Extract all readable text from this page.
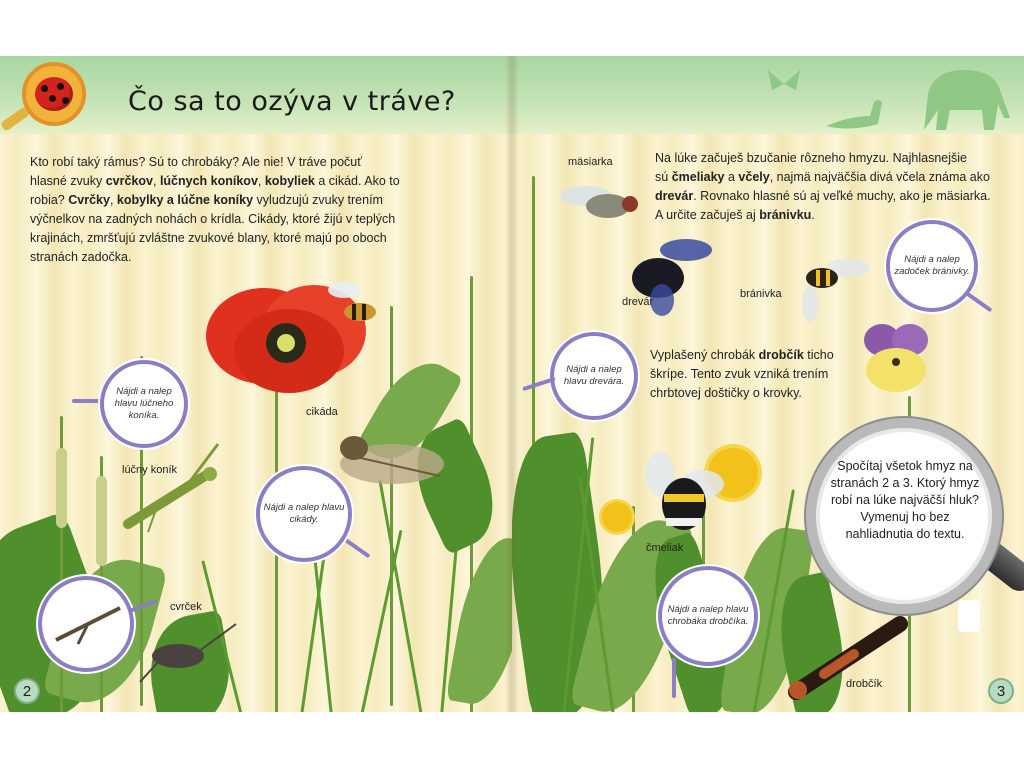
Čo sa to ozýva v tráve?
Kto robí taký rámus? Sú to chrobáky? Ale nie! V tráve počuť
hlasné zvuky cvrčkov, lúčnych koníkov, kobyliek a cikád. Ako to
robia? Cvrčky, kobylky a lúčne koníky vyludzujú zvuky trením
výčnelkov na zadných nohách o krídla. Cikády, ktoré žijú v teplých
krajinách, zmršťujú zvláštne zvukové blany, ktoré majú po oboch
stranách zadočka.
cikáda
lúčny koník
cvrček
Nájdi a nalep hlavu lúčneho koníka.
Nájdi a nalep hlavu cikády.
2
mäsiarka
drevár
bránivka
čmeliak
drobčík
Na lúke začuješ bzučanie rôzneho hmyzu. Najhlasnejšie
sú čmeliaky a včely, najmä najväčšia divá včela známa ako
drevár. Rovnako hlasné sú aj veľké muchy, ako je mäsiarka.
A určite začuješ aj bránivku.
Vyplašený chrobák drobčík ticho
škrípe. Tento zvuk vzniká trením
chrbtovej doštičky o krovky.
Nájdi a nalep hlavu drevára.
Nájdi a nalep zadoček bránivky.
Nájdi a nalep hlavu chrobáka drobčíka.
3
Spočítaj všetok hmyz na stranách 2 a 3. Ktorý hmyz robí na lúke najväčší hluk? Vymenuj ho bez nahliadnutia do textu.
